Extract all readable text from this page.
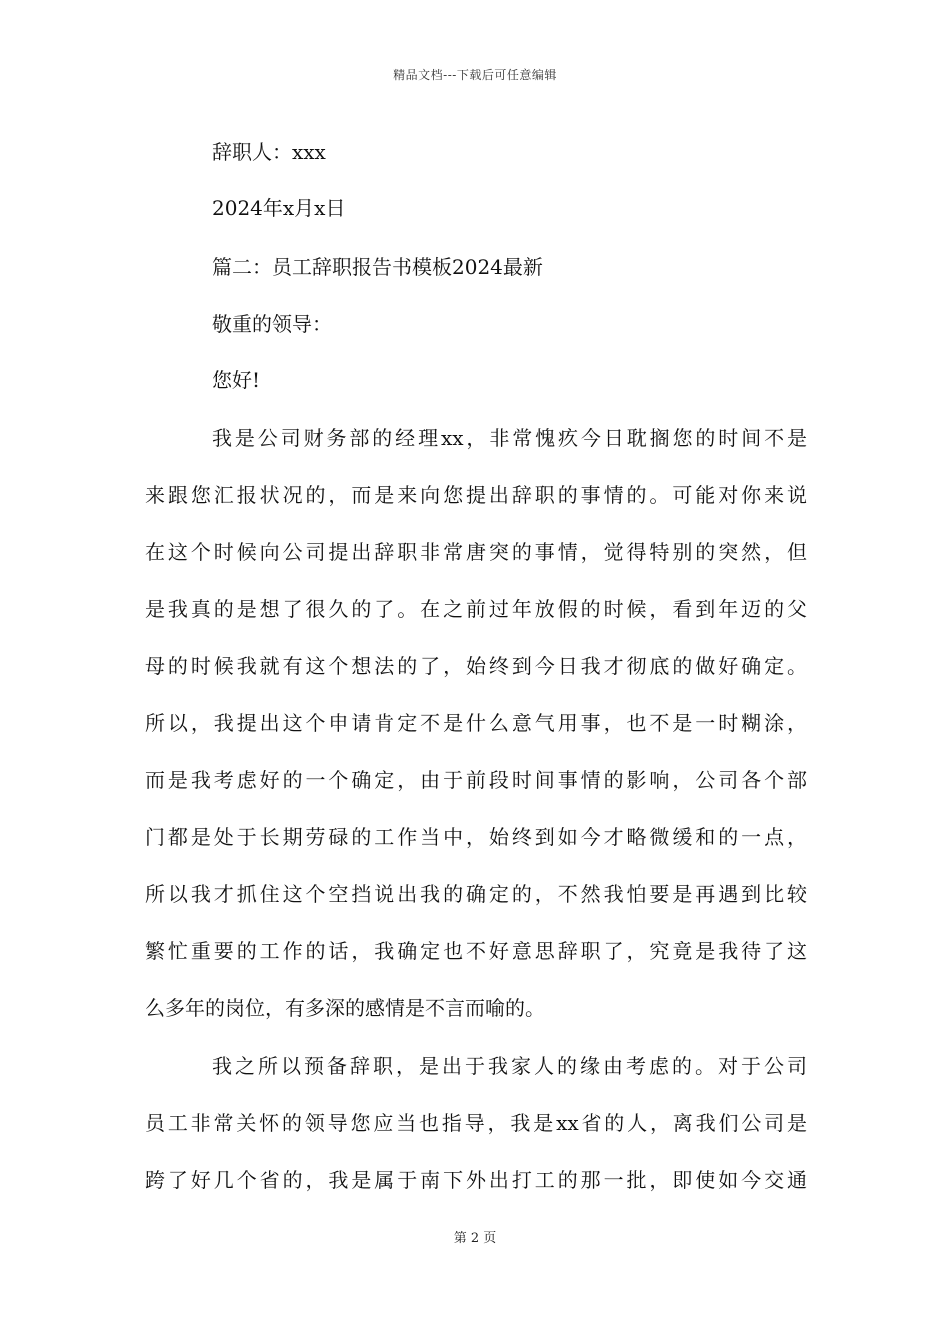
精品文档---下载后可任意编辑
辞职人：xxx
2024年x月x日
篇二：员工辞职报告书模板2024最新
敬重的领导：
您好!
我是公司财务部的经理xx，非常愧疚今日耽搁您的时间不是
来跟您汇报状况的，而是来向您提出辞职的事情的。可能对你来说
在这个时候向公司提出辞职非常唐突的事情，觉得特别的突然，但
是我真的是想了很久的了。在之前过年放假的时候，看到年迈的父
母的时候我就有这个想法的了，始终到今日我才彻底的做好确定。
所以，我提出这个申请肯定不是什么意气用事，也不是一时糊涂，
而是我考虑好的一个确定，由于前段时间事情的影响，公司各个部
门都是处于长期劳碌的工作当中，始终到如今才略微缓和的一点，
所以我才抓住这个空挡说出我的确定的，不然我怕要是再遇到比较
繁忙重要的工作的话，我确定也不好意思辞职了，究竟是我待了这
么多年的岗位，有多深的感情是不言而喻的。
我之所以预备辞职，是出于我家人的缘由考虑的。对于公司
员工非常关怀的领导您应当也指导，我是xx省的人，离我们公司是
跨了好几个省的，我是属于南下外出打工的那一批，即使如今交通
第 2 页
